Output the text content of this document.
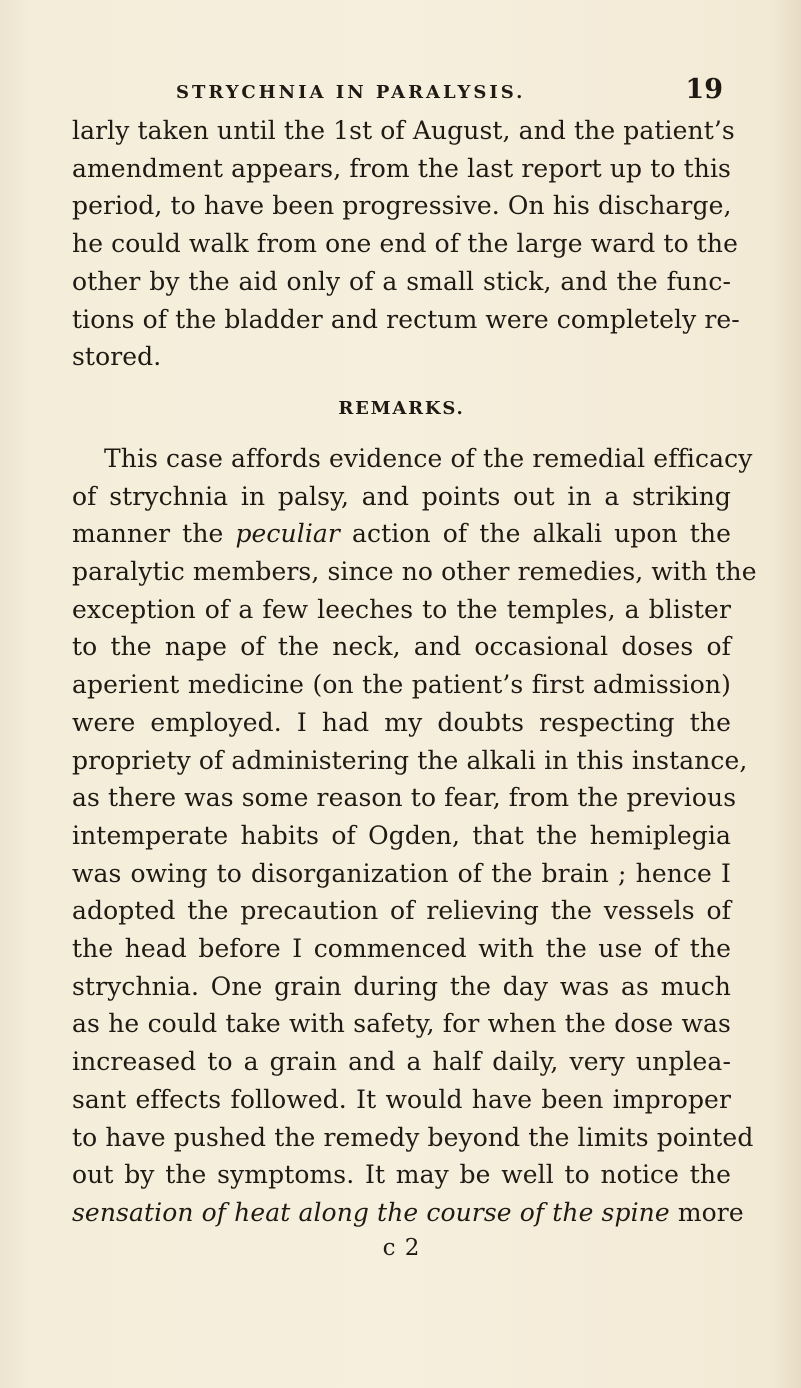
STRYCHNIA IN PARALYSIS.	19
larly taken until the 1st of August, and the patient’s
amendment appears, from the last report up to this
period, to have been progressive. On his discharge,
he could walk from one end of the large ward to the
other by the aid only of a small stick, and the func-
tions of the bladder and rectum were completely re-
stored.
REMARKS.
This case affords evidence of the remedial efficacy
of strychnia in palsy, and points out in a striking
manner the peculiar action of the alkali upon the
paralytic members, since no other remedies, with the
exception of a few leeches to the temples, a blister
to the nape of the neck, and occasional doses of
aperient medicine (on the patient’s first admission)
were employed. I had my doubts respecting the
propriety of administering the alkali in this instance,
as there was some reason to fear, from the previous
intemperate habits of Ogden, that the hemiplegia
was owing to disorganization of the brain ; hence I
adopted the precaution of relieving the vessels of
the head before I commenced with the use of the
strychnia. One grain during the day was as much
as he could take with safety, for when the dose was
increased to a grain and a half daily, very unplea-
sant effects followed. It would have been improper
to have pushed the remedy beyond the limits pointed
out by the symptoms. It may be well to notice the
sensation of heat along the course of the spine more
c 2
